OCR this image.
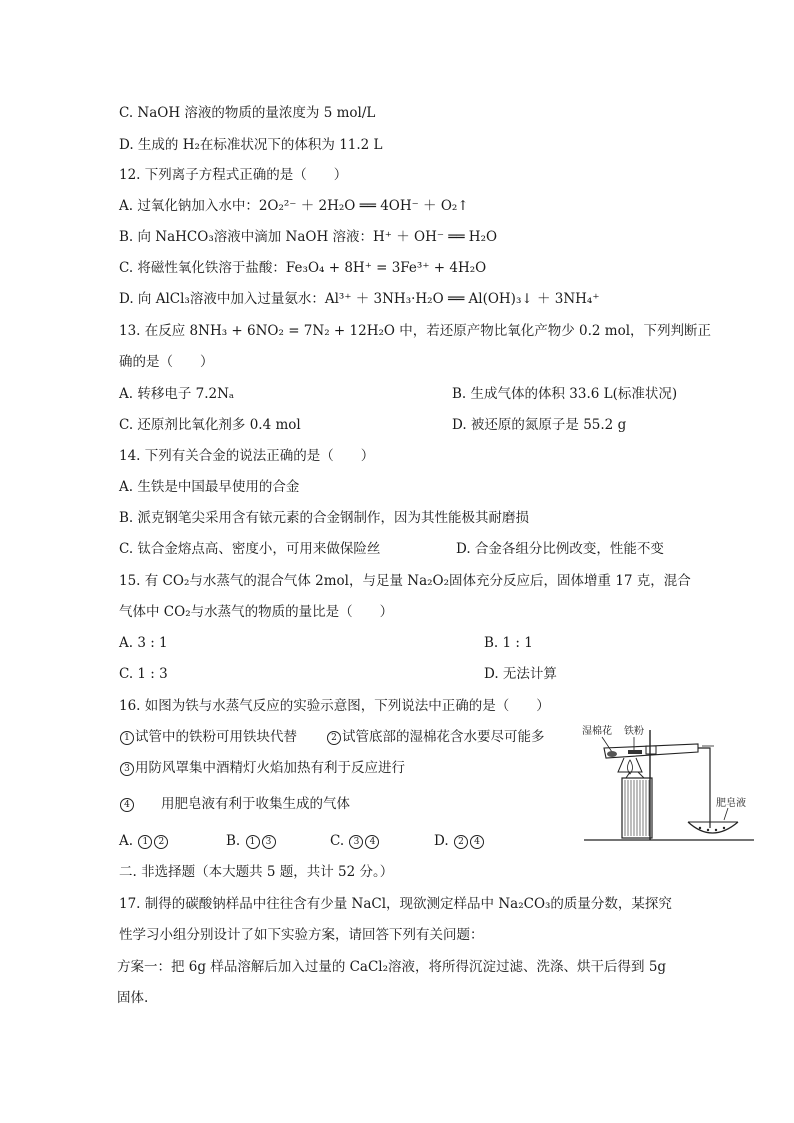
C. NaOH 溶液的物质的量浓度为 5 mol/L
D. 生成的 H₂在标准状况下的体积为 11.2 L
12. 下列离子方程式正确的是（　　）
A. 过氧化钠加入水中：2O₂²⁻ ＋ 2H₂O ══ 4OH⁻ ＋ O₂↑
B. 向 NaHCO₃溶液中滴加 NaOH 溶液：H⁺ ＋ OH⁻ ══ H₂O
C. 将磁性氧化铁溶于盐酸：Fe₃O₄ + 8H⁺ = 3Fe³⁺ + 4H₂O
D. 向 AlCl₃溶液中加入过量氨水：Al³⁺ ＋ 3NH₃·H₂O ══ Al(OH)₃↓ ＋ 3NH₄⁺
13. 在反应 8NH₃ + 6NO₂ = 7N₂ + 12H₂O 中，若还原产物比氧化产物少 0.2 mol，下列判断正
确的是（　　）
A. 转移电子 7.2Nₐ	B. 生成气体的体积 33.6 L(标准状况)
C. 还原剂比氧化剂多 0.4 mol	D. 被还原的氮原子是 55.2 g
14. 下列有关合金的说法正确的是（　　）
A. 生铁是中国最早使用的合金
B. 派克钢笔尖采用含有铱元素的合金钢制作，因为其性能极其耐磨损
C. 钛合金熔点高、密度小，可用来做保险丝	D. 合金各组分比例改变，性能不变
15. 有 CO₂与水蒸气的混合气体 2mol，与足量 Na₂O₂固体充分反应后，固体增重 17 克，混合
气体中 CO₂与水蒸气的物质的量比是（　　）
A. 3 : 1	B. 1 : 1
C. 1 : 3	D. 无法计算
16. 如图为铁与水蒸气反应的实验示意图，下列说法中正确的是（　　）
1 试管中的铁粉可用铁块代替	2 试管底部的湿棉花含水要尽可能多
3 用防风罩集中酒精灯火焰加热有利于反应进行
4 用肥皂液有利于收集生成的气体
A. 1 2	B. 1 3	C. 3 4	D. 2 4
湿棉花 铁粉
肥皂液
二. 非选择题（本大题共 5 题，共计 52 分。）
17. 制得的碳酸钠样品中往往含有少量 NaCl，现欲测定样品中 Na₂CO₃的质量分数，某探究
性学习小组分别设计了如下实验方案，请回答下列有关问题：
方案一：把 6g 样品溶解后加入过量的 CaCl₂溶液，将所得沉淀过滤、洗涤、烘干后得到 5g
固体.
